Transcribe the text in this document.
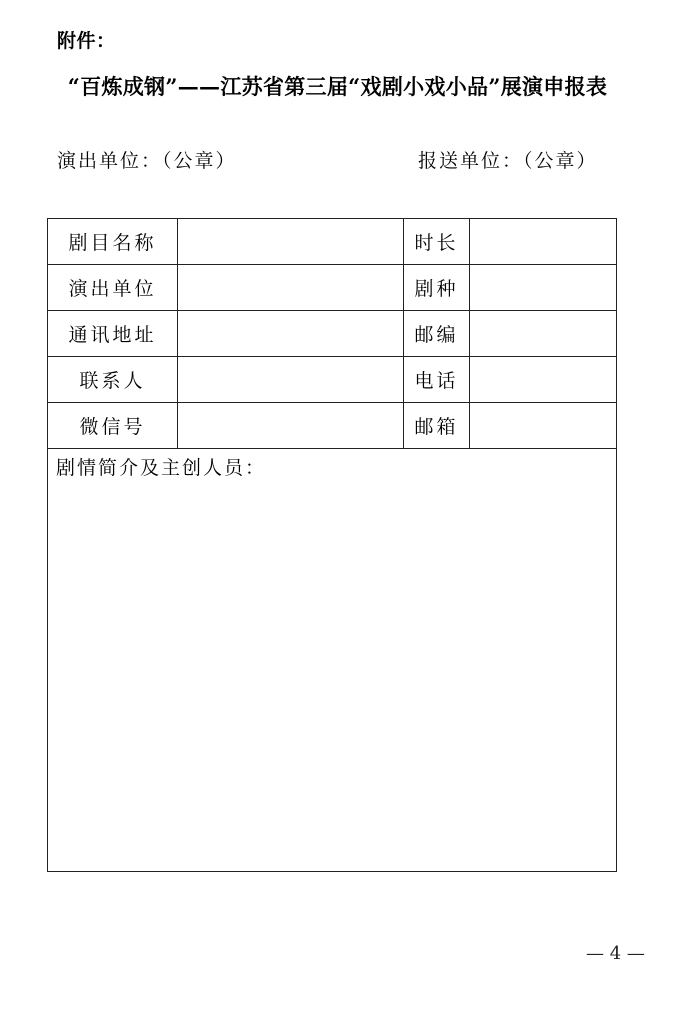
附件：
“百炼成钢”——江苏省第三届“戏剧小戏小品”展演申报表
演出单位：（公章）	报送单位：（公章）
剧目名称		时长	
演出单位		剧种	
通讯地址		邮编	
联系人		电话	
微信号		邮箱	
剧情简介及主创人员：			
— 4 —
